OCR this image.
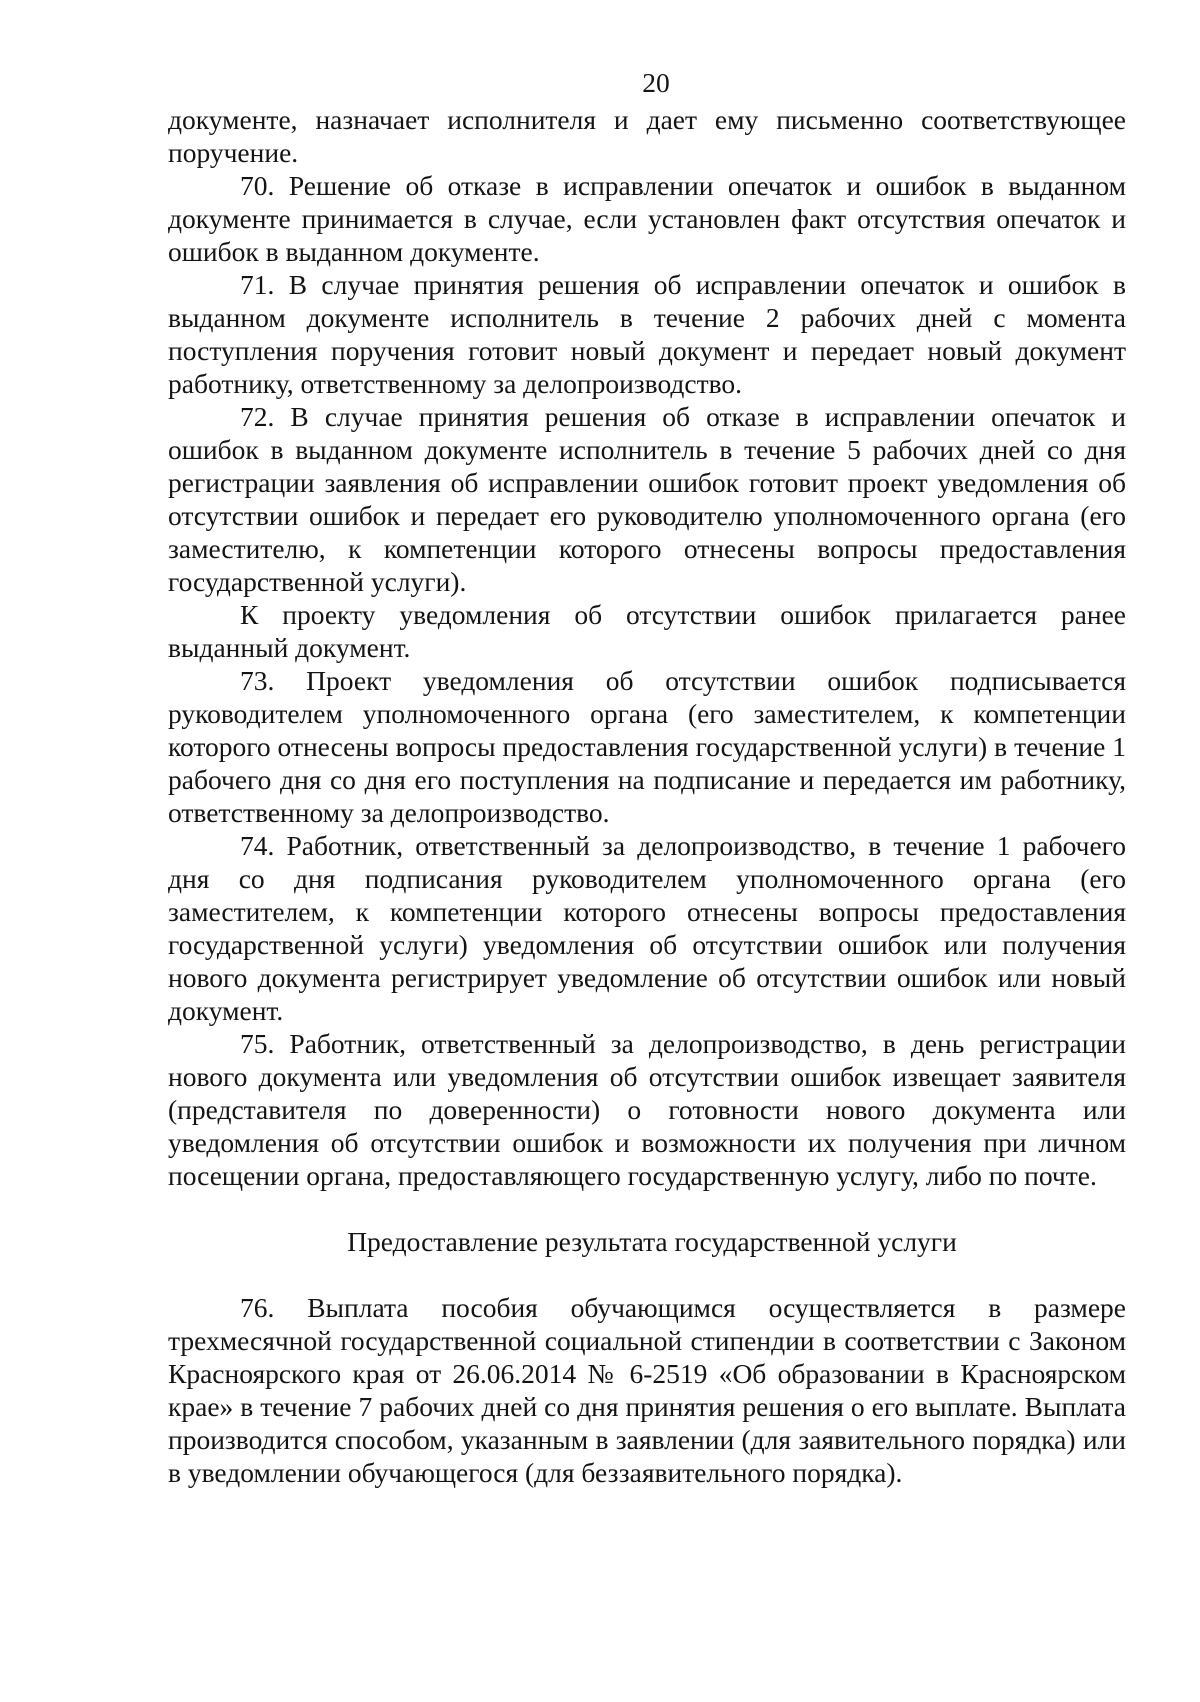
20

документе, назначает исполнителя и дает ему письменно соответствующее поручение.

70. Решение об отказе в исправлении опечаток и ошибок в выданном документе принимается в случае, если установлен факт отсутствия опечаток и ошибок в выданном документе.

71. В случае принятия решения об исправлении опечаток и ошибок в выданном документе исполнитель в течение 2 рабочих дней с момента поступления поручения готовит новый документ и передает новый документ работнику, ответственному за делопроизводство.

72. В случае принятия решения об отказе в исправлении опечаток и ошибок в выданном документе исполнитель в течение 5 рабочих дней со дня регистрации заявления об исправлении ошибок готовит проект уведомления об отсутствии ошибок и передает его руководителю уполномоченного органа (его заместителю, к компетенции которого отнесены вопросы предоставления государственной услуги).

К проекту уведомления об отсутствии ошибок прилагается ранее выданный документ.

73. Проект уведомления об отсутствии ошибок подписывается руководителем уполномоченного органа (его заместителем, к компетенции которого отнесены вопросы предоставления государственной услуги) в течение 1 рабочего дня со дня его поступления на подписание и передается им работнику, ответственному за делопроизводство.

74. Работник, ответственный за делопроизводство, в течение 1 рабочего дня со дня подписания руководителем уполномоченного органа (его заместителем, к компетенции которого отнесены вопросы предоставления государственной услуги) уведомления об отсутствии ошибок или получения нового документа регистрирует уведомление об отсутствии ошибок или новый документ.

75. Работник, ответственный за делопроизводство, в день регистрации нового документа или уведомления об отсутствии ошибок извещает заявителя (представителя по доверенности) о готовности нового документа или уведомления об отсутствии ошибок и возможности их получения при личном посещении органа, предоставляющего государственную услугу, либо по почте.

Предоставление результата государственной услуги

76. Выплата пособия обучающимся осуществляется в размере трехмесячной государственной социальной стипендии в соответствии с Законом Красноярского края от 26.06.2014 № 6-2519 «Об образовании в Красноярском крае» в течение 7 рабочих дней со дня принятия решения о его выплате. Выплата производится способом, указанным в заявлении (для заявительного порядка) или в уведомлении обучающегося (для беззаявительного порядка).
